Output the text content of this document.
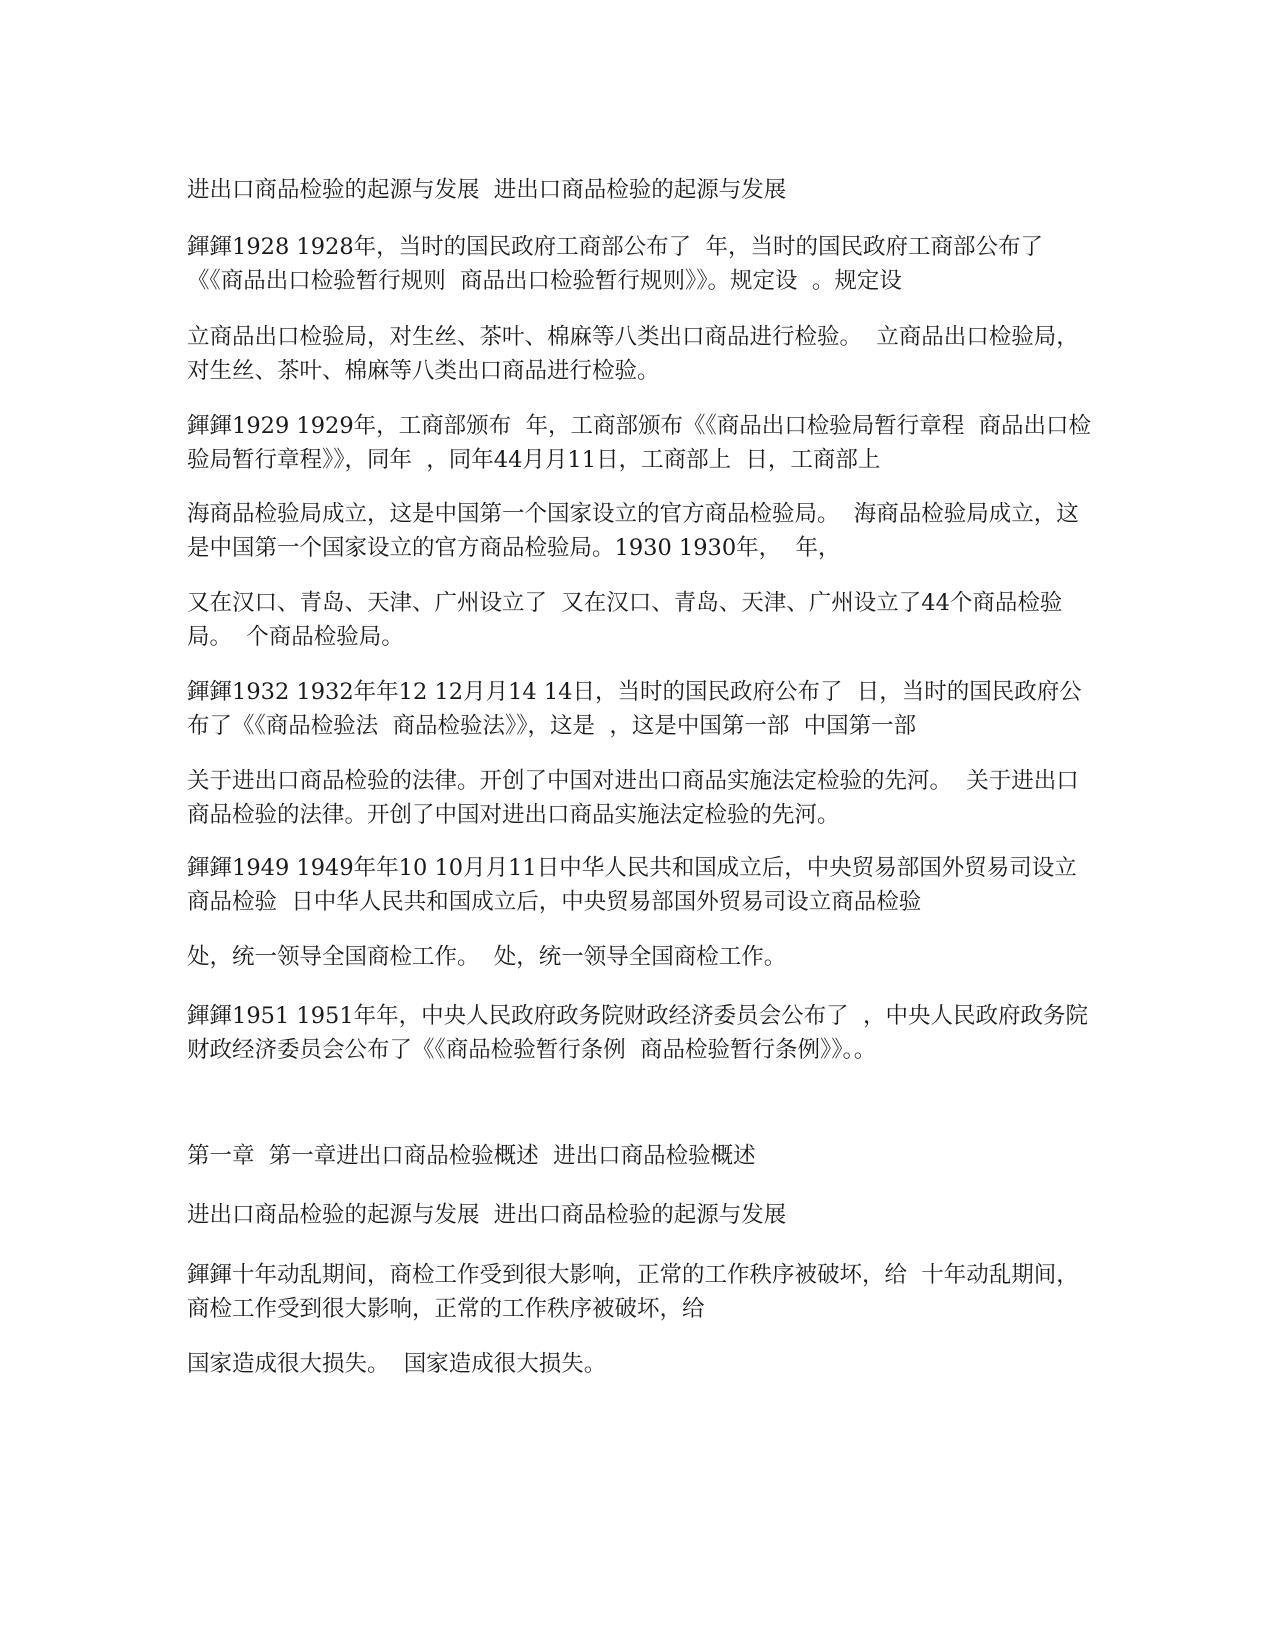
进出口商品检验的起源与发展  进出口商品检验的起源与发展

鍕鍕1928 1928年，当时的国民政府工商部公布了  年，当时的国民政府工商部公布了《《商品出口检验暂行规则  商品出口检验暂行规则》》。规定设  。规定设

立商品出口检验局，对生丝、茶叶、棉麻等八类出口商品进行检验。  立商品出口检验局，对生丝、茶叶、棉麻等八类出口商品进行检验。

鍕鍕1929 1929年，工商部颁布  年，工商部颁布《《商品出口检验局暂行章程  商品出口检验局暂行章程》》，同年  ，同年44月月11日，工商部上  日，工商部上

海商品检验局成立，这是中国第一个国家设立的官方商品检验局。  海商品检验局成立，这是中国第一个国家设立的官方商品检验局。1930 1930年，  年，

又在汉口、青岛、天津、广州设立了  又在汉口、青岛、天津、广州设立了44个商品检验局。  个商品检验局。

鍕鍕1932 1932年年12 12月月14 14日，当时的国民政府公布了  日，当时的国民政府公布了《《商品检验法  商品检验法》》，这是  ，这是中国第一部  中国第一部

关于进出口商品检验的法律。开创了中国对进出口商品实施法定检验的先河。  关于进出口商品检验的法律。开创了中国对进出口商品实施法定检验的先河。

鍕鍕1949 1949年年10 10月月11日中华人民共和国成立后，中央贸易部国外贸易司设立商品检验  日中华人民共和国成立后，中央贸易部国外贸易司设立商品检验

处，统一领导全国商检工作。  处，统一领导全国商检工作。

鍕鍕1951 1951年年，中央人民政府政务院财政经济委员会公布了  ，中央人民政府政务院财政经济委员会公布了《《商品检验暂行条例  商品检验暂行条例》》。。

第一章  第一章进出口商品检验概述  进出口商品检验概述

进出口商品检验的起源与发展  进出口商品检验的起源与发展

鍕鍕十年动乱期间，商检工作受到很大影响，正常的工作秩序被破坏，给  十年动乱期间，商检工作受到很大影响，正常的工作秩序被破坏，给

国家造成很大损失。  国家造成很大损失。
